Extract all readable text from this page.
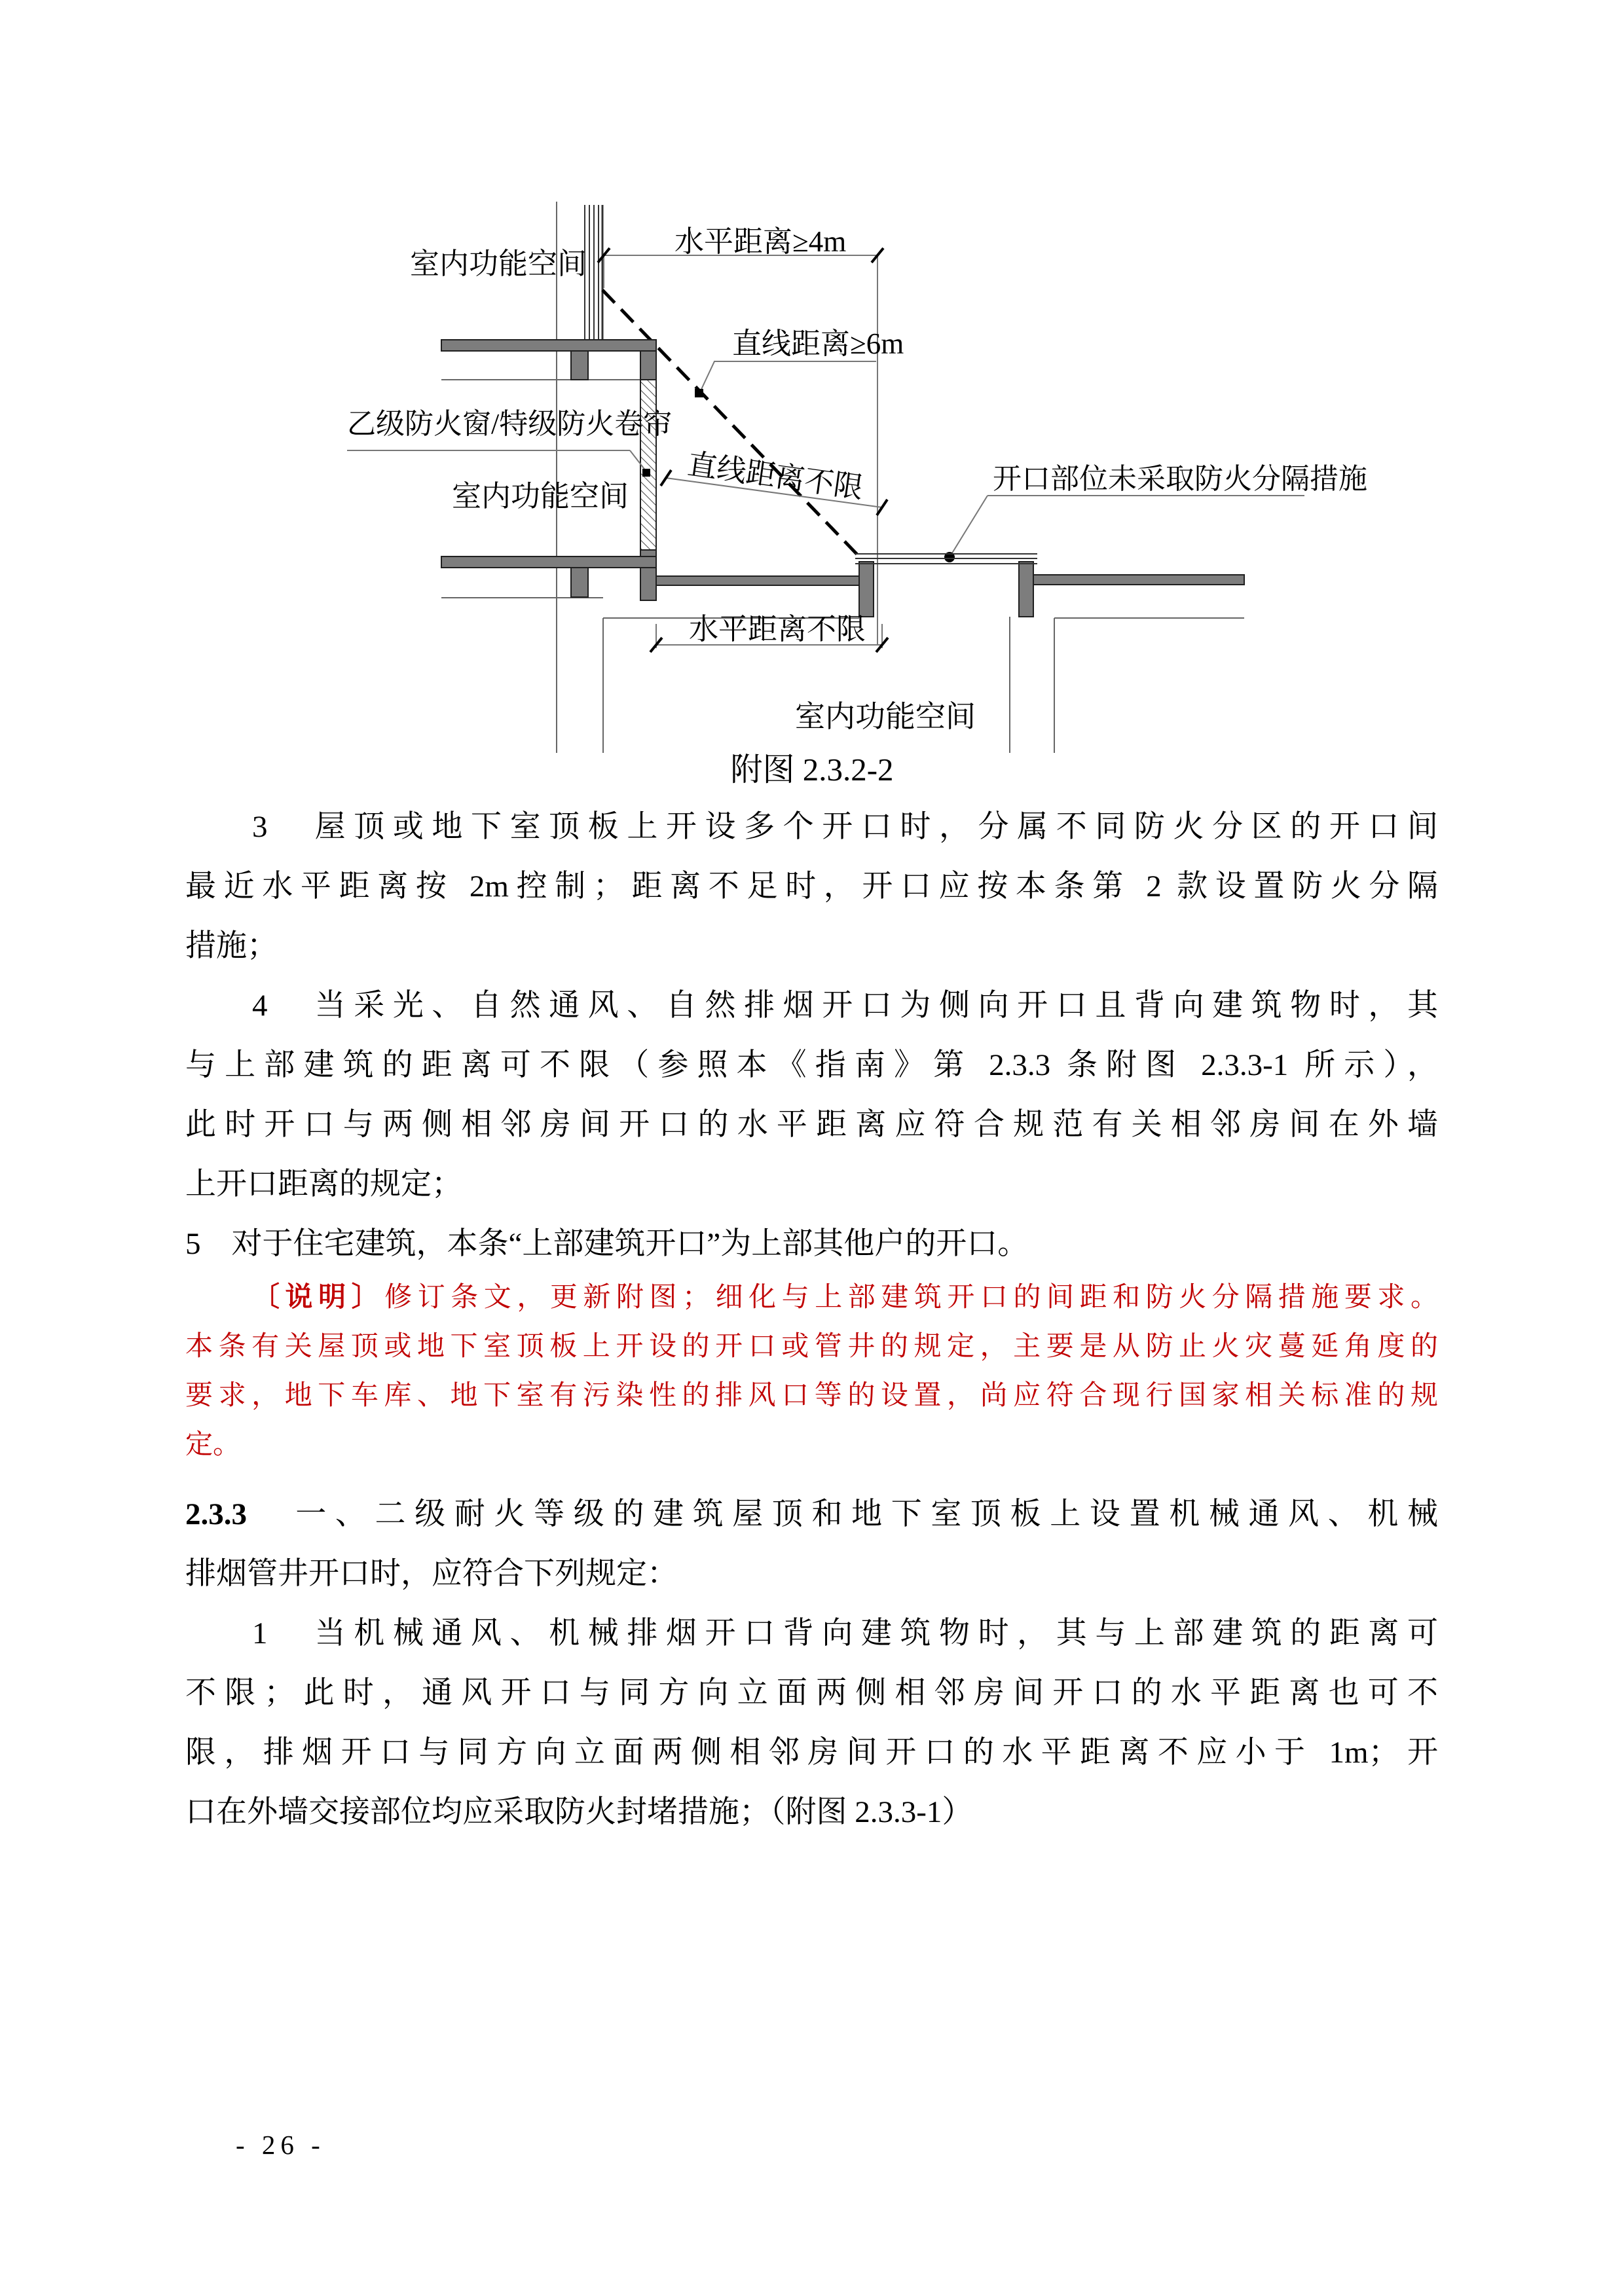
水平距离≥4m
直线距离≥6m
乙级防火窗/特级防火卷帘
直线距离不限	开口部位未采取防火分隔措施
水平距离不限
室内功能空间
室内功能空间
室内功能空间
附图 2.3.2-2
3　屋顶或地下室顶板上开设多个开口时，分属不同防火分区的开口间
最近水平距离按 2m控制；距离不足时，开口应按本条第 2 款设置防火分隔
措施；
4　当采光、自然通风、自然排烟开口为侧向开口且背向建筑物时，其
与上部建筑的距离可不限（参照本《指南》第 2.3.3 条附图 2.3.3-1 所示），
此时开口与两侧相邻房间开口的水平距离应符合规范有关相邻房间在外墙
上开口距离的规定；
5　对于住宅建筑，本条“上部建筑开口”为上部其他户的开口。
〔说明〕修订条文，更新附图；细化与上部建筑开口的间距和防火分隔措施要求。
本条有关屋顶或地下室顶板上开设的开口或管井的规定，主要是从防止火灾蔓延角度的
要求，地下车库、地下室有污染性的排风口等的设置，尚应符合现行国家相关标准的规
定。
2.3.3　一、二级耐火等级的建筑屋顶和地下室顶板上设置机械通风、机械
排烟管井开口时，应符合下列规定：
1　当机械通风、机械排烟开口背向建筑物时，其与上部建筑的距离可
不限；此时，通风开口与同方向立面两侧相邻房间开口的水平距离也可不
限，排烟开口与同方向立面两侧相邻房间开口的水平距离不应小于 1m；开
口在外墙交接部位均应采取防火封堵措施；（附图 2.3.3-1）
- 26 -
